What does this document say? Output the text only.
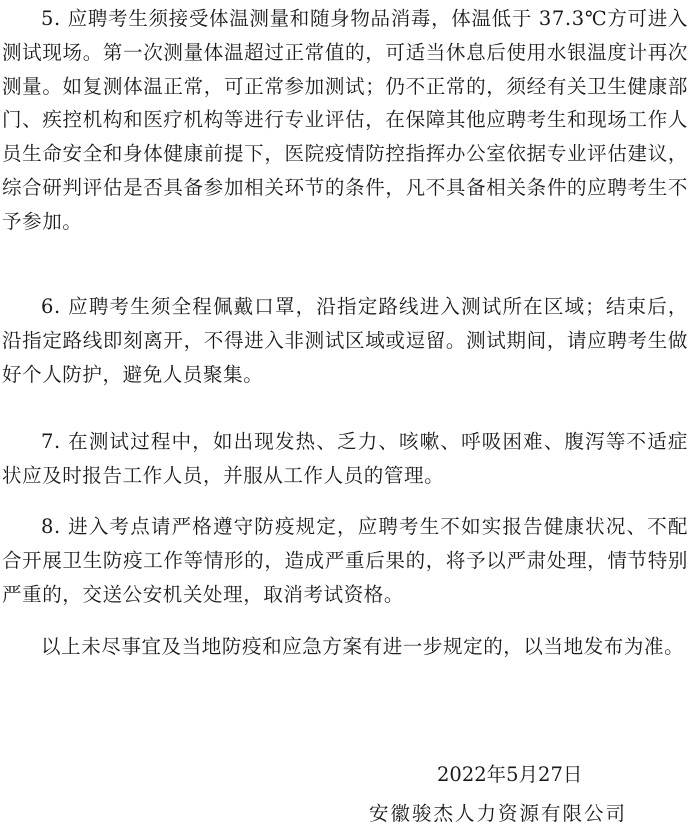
5. 应聘考生须接受体温测量和随身物品消毒，体温低于 37.3℃方可进入测试现场。第一次测量体温超过正常值的，可适当休息后使用水银温度计再次测量。如复测体温正常，可正常参加测试；仍不正常的，须经有关卫生健康部门、疾控机构和医疗机构等进行专业评估，在保障其他应聘考生和现场工作人员生命安全和身体健康前提下，医院疫情防控指挥办公室依据专业评估建议，综合研判评估是否具备参加相关环节的条件，凡不具备相关条件的应聘考生不予参加。

6. 应聘考生须全程佩戴口罩，沿指定路线进入测试所在区域；结束后，沿指定路线即刻离开，不得进入非测试区域或逗留。测试期间，请应聘考生做好个人防护，避免人员聚集。

7. 在测试过程中，如出现发热、乏力、咳嗽、呼吸困难、腹泻等不适症状应及时报告工作人员，并服从工作人员的管理。

8. 进入考点请严格遵守防疫规定，应聘考生不如实报告健康状况、不配合开展卫生防疫工作等情形的，造成严重后果的，将予以严肃处理，情节特别严重的，交送公安机关处理，取消考试资格。

以上未尽事宜及当地防疫和应急方案有进一步规定的，以当地发布为准。

2022年5月27日
安徽骏杰人力资源有限公司
